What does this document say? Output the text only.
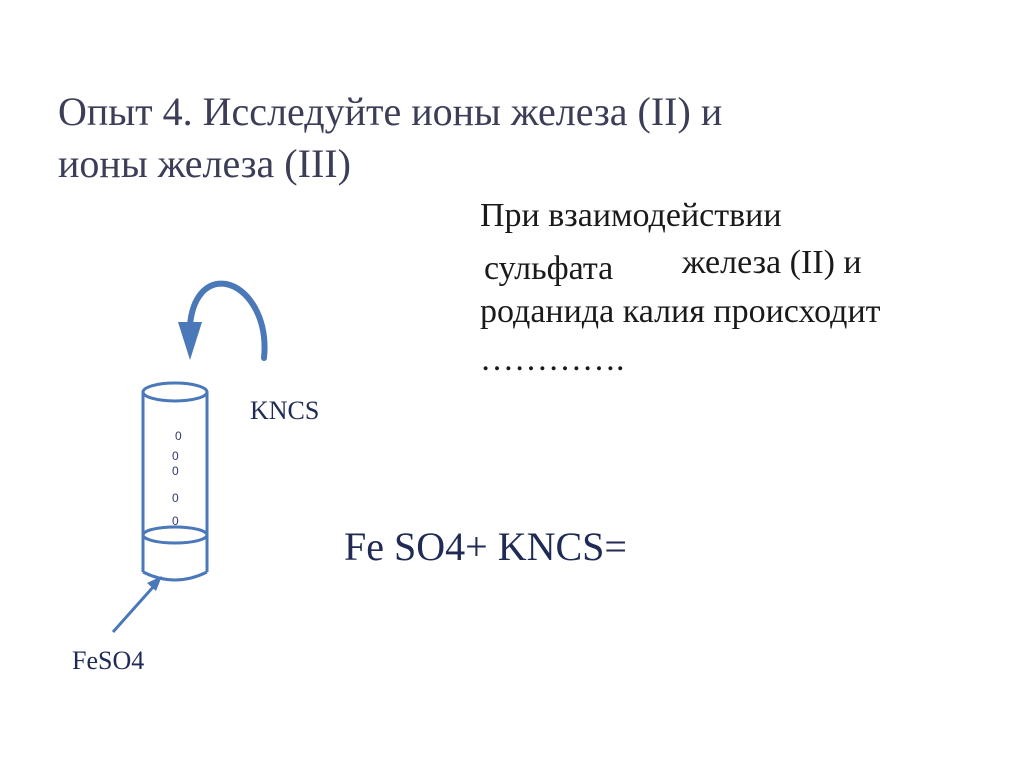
Опыт 4. Исследуйте ионы железа (II) и
ионы железа (III)
При взаимодействии
сульфата железа (II) и
роданида калия происходит
………….
0
0
0
0
0
KNCS
FeSO4
Fe SO4+ KNCS=
